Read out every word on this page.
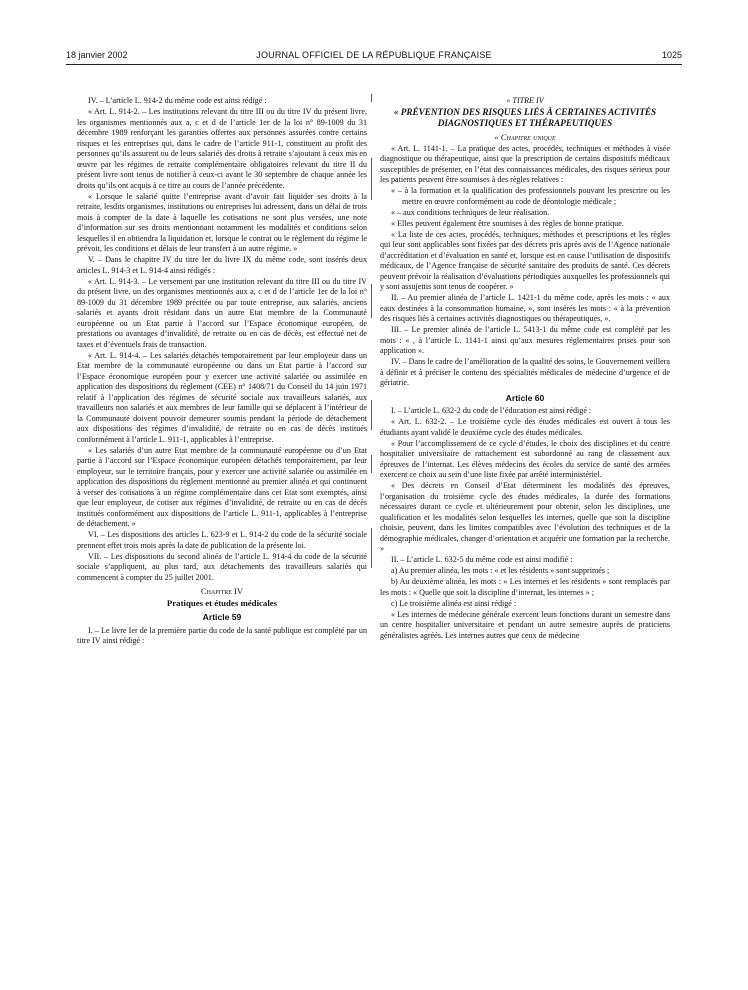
18 janvier 2002	JOURNAL OFFICIEL DE LA RÉPUBLIQUE FRANÇAISE	1025

IV. – L’article L. 914-2 du même code est ainsi rédigé :

« Art. L. 914-2. – Les institutions relevant du titre III ou du titre IV du présent livre, les organismes mentionnés aux a, c et d de l’article 1er de la loi n° 89-1009 du 31 décembre 1989 renforçant les garanties offertes aux personnes assurées contre certains risques et les entreprises qui, dans le cadre de l’article 911-1, constituent au profit des personnes qu’ils assurent ou de leurs salariés des droits à retraite s’ajoutant à ceux mis en œuvre par les régimes de retraite complémentaire obligatoires relevant du titre II du présent livre sont tenus de notifier à ceux-ci avant le 30 septembre de chaque année les droits qu’ils ont acquis à ce titre au cours de l’année précédente.

« Lorsque le salarié quitte l’entreprise avant d’avoir fait liquider ses droits à la retraite, lesdits organismes, institutions ou entreprises lui adressent, dans un délai de trois mois à compter de la date à laquelle les cotisations ne sont plus versées, une note d’information sur ses droits mentionnant notamment les modalités et conditions selon lesquelles il en obtiendra la liquidation et, lorsque le contrat ou le règlement du régime le prévoit, les conditions et délais de leur transfert à un autre régime. »

V. – Dans le chapitre IV du titre Ier du livre IX du même code, sont insérés deux articles L. 914-3 et L. 914-4 ainsi rédigés :

« Art. L. 914-3. – Le versement par une institution relevant du titre III ou du titre IV du présent livre, un des organismes mentionnés aux a, c et d de l’article 1er de la loi n° 89-1009 du 31 décembre 1989 précitée ou par toute entreprise, aux salariés, anciens salariés et ayants droit résidant dans un autre Etat membre de la Communauté européenne ou un Etat partie à l’accord sur l’Espace économique européen, de prestations ou avantages d’invalidité, de retraite ou en cas de décès, est effectué net de taxes et d’éventuels frais de transaction.

« Art. L. 914-4. – Les salariés détachés temporairement par leur employeur dans un Etat membre de la communauté européenne ou dans un Etat partie à l’accord sur l’Espace économique européen pour y exercer une activité salariée ou assimilée en application des dispositions du règlement (CEE) n° 1408/71 du Conseil du 14 juin 1971 relatif à l’application des régimes de sécurité sociale aux travailleurs salariés, aux travailleurs non salariés et aux membres de leur famille qui se déplacent à l’intérieur de la Communauté doivent pouvoir demeurer soumis pendant la période de détachement aux dispositions des régimes d’invalidité, de retraite ou en cas de décès institués conformément à l’article L. 911-1, applicables à l’entreprise.

« Les salariés d’un autre Etat membre de la communauté européenne ou d’un Etat partie à l’accord sur l’Espace économique européen détachés temporairement, par leur employeur, sur le territoire français, pour y exercer une activité salariée ou assimilée en application des dispositions du règlement mentionné au premier alinéa et qui continuent à verser des cotisations à un régime complémentaire dans cet Etat sont exemptés, ainsi que leur employeur, de cotiser aux régimes d’invalidité, de retraite ou en cas de décès institués conformément aux dispositions de l’article L. 911-1, applicables à l’entreprise de détachement. »

VI. – Les dispositions des articles L. 623-9 et L. 914-2 du code de la sécurité sociale prennent effet trois mois après la date de publication de la présente loi.

VII. – Les dispositions du second alinéa de l’article L. 914-4 du code de la sécurité sociale s’appliquent, au plus tard, aux détachements des travailleurs salariés qui commencent à compter du 25 juillet 2001.

Chapitre IV

Pratiques et études médicales

Article 59

I. – Le livre Ier de la première partie du code de la santé publique est complété par un titre IV ainsi rédigé :

« TITRE IV

« PRÉVENTION DES RISQUES LIÉS À CERTAINES ACTIVITÉS DIAGNOSTIQUES ET THÉRAPEUTIQUES

« Chapitre unique

« Art. L. 1141-1. – La pratique des actes, procédés, techniques et méthodes à visée diagnostique ou thérapeutique, ainsi que la prescription de certains dispositifs médicaux susceptibles de présenter, en l’état des connaissances médicales, des risques sérieux pour les patients peuvent être soumises à des règles relatives :

« – à la formation et la qualification des professionnels pouvant les prescrire ou les mettre en œuvre conformément au code de déontologie médicale ;

« – aux conditions techniques de leur réalisation.

« Elles peuvent également être soumises à des règles de bonne pratique.

« La liste de ces actes, procédés, techniques, méthodes et prescriptions et les règles qui leur sont applicables sont fixées par des décrets pris après avis de l’Agence nationale d’accréditation et d’évaluation en santé et, lorsque est en cause l’utilisation de dispositifs médicaux, de l’Agence française de sécurité sanitaire des produits de santé. Ces décrets peuvent prévoir la réalisation d’évaluations périodiques auxquelles les professionnels qui y sont assujettis sont tenus de coopérer. »

II. – Au premier alinéa de l’article L. 1421-1 du même code, après les mots : « aux eaux destinées à la consommation humaine, », sont insérés les mots : « à la prévention des risques liés à certaines activités diagnostiques ou thérapeutiques, ».

III. – Le premier alinéa de l’article L. 5413-1 du même code est complété par les mots : « , à l’article L. 1141-1 ainsi qu’aux mesures réglementaires prises pour son application ».

IV. – Dans le cadre de l’amélioration de la qualité des soins, le Gouvernement veillera à définir et à préciser le contenu des spécialités médicales de médecine d’urgence et de gériatrie.

Article 60

I. – L’article L. 632-2 du code de l’éducation est ainsi rédigé :

« Art. L. 632-2. – Le troisième cycle des études médicales est ouvert à tous les étudiants ayant validé le deuxième cycle des études médicales.

« Pour l’accomplissement de ce cycle d’études, le choix des disciplines et du centre hospitalier universitaire de rattachement est subordonné au rang de classement aux épreuves de l’internat. Les élèves médecins des écoles du service de santé des armées exercent ce choix au sein d’une liste fixée par arrêté interministériel.

« Des décrets en Conseil d’Etat déterminent les modalités des épreuves, l’organisation du troisième cycle des études médicales, la durée des formations nécessaires durant ce cycle et ultérieurement pour obtenir, selon les disciplines, une qualification et les modalités selon lesquelles les internes, quelle que soit la discipline choisie, peuvent, dans les limites compatibles avec l’évolution des techniques et de la démographie médicales, changer d’orientation et acquérir une formation par la recherche. »

II. – L’article L. 632-5 du même code est ainsi modifié :

a) Au premier alinéa, les mots : « et les résidents » sont supprimés ;

b) Au deuxième alinéa, les mots : « Les internes et les résidents » sont remplacés par les mots : « Quelle que soit la discipline d’internat, les internes » ;

c) Le troisième alinéa est ainsi rédigé :

« Les internes de médecine générale exercent leurs fonctions durant un semestre dans un centre hospitalier universitaire et pendant un autre semestre auprès de praticiens généralistes agréés. Les internes autres que ceux de médecine
